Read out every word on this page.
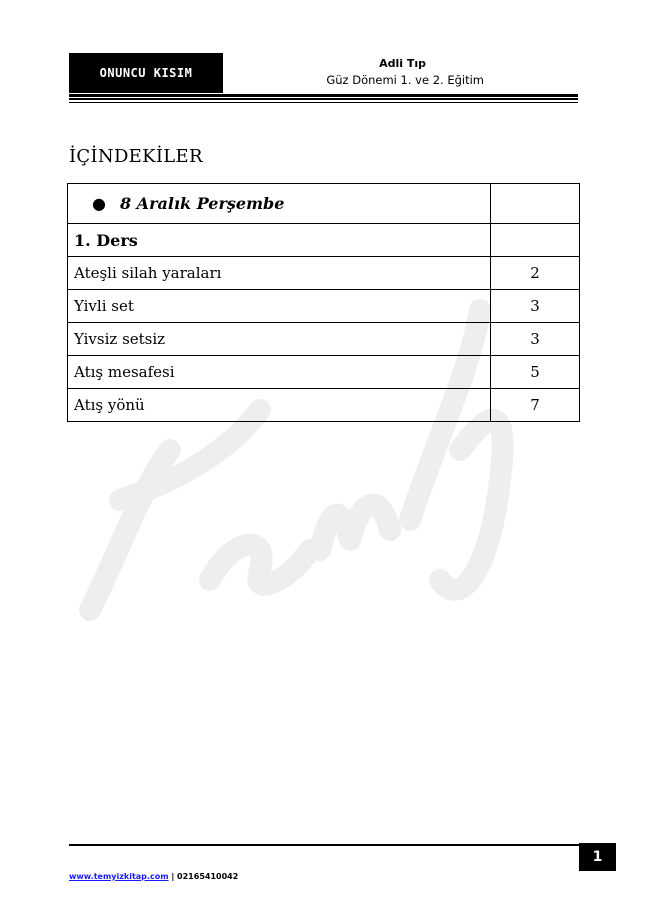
ONUNCU KISIM
Adli Tıp
Güz Dönemi 1. ve 2. Eğitim
İÇİNDEKİLER
● 8 Aralık Perşembe	
1. Ders	
Ateşli silah yaraları	2
Yivli set	3
Yivsiz setsiz	3
Atış mesafesi	5
Atış yönü	7
1
www.temyizkitap.com | 02165410042
